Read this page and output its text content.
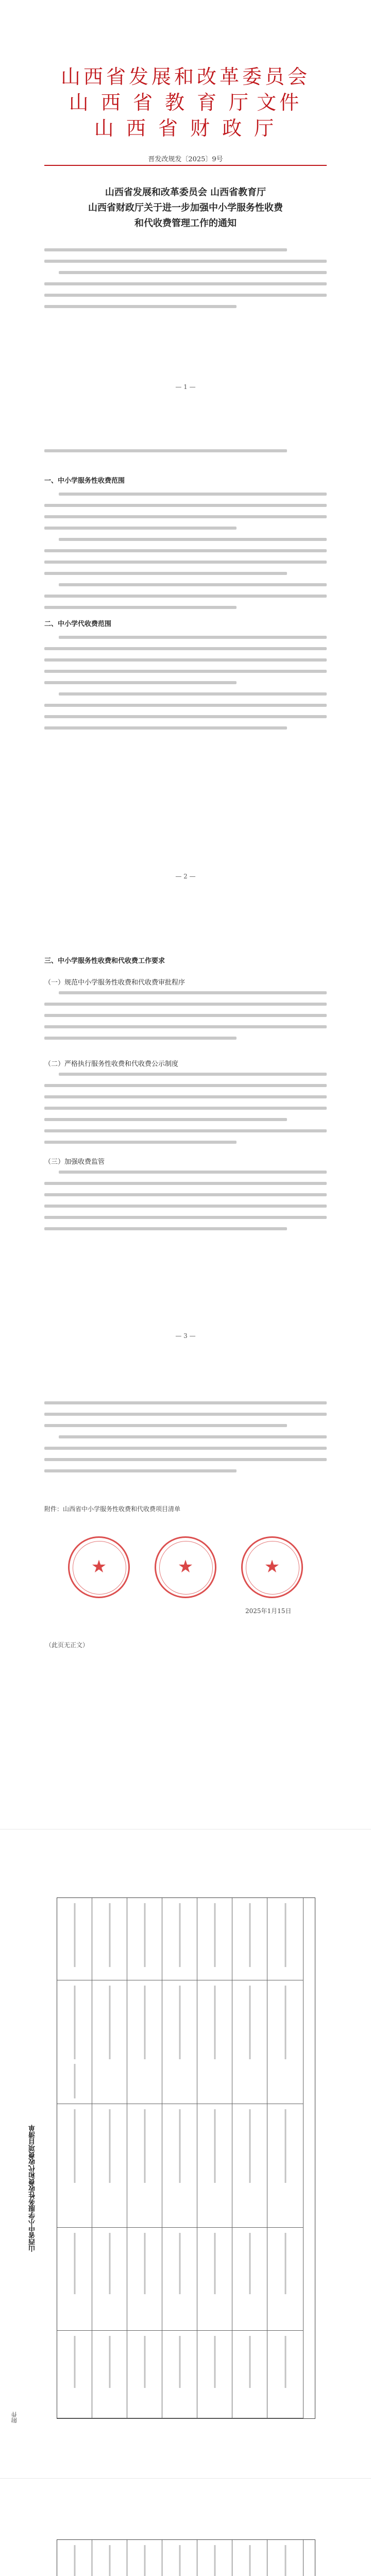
山西省发展和改革委员会
山 西 省 教 育 厅 文件
山 西 省 财 政 厅
晋发改规发〔2025〕9号
山西省发展和改革委员会 山西省教育厅
山西省财政厅关于进一步加强中小学服务性收费
和代收费管理工作的通知
— 1 —
一、中小学服务性收费范围
二、中小学代收费范围
— 2 —
三、中小学服务性收费和代收费工作要求
（一）规范中小学服务性收费和代收费审批程序
（二）严格执行服务性收费和代收费公示制度
（三）加强收费监管
— 3 —
附件：山西省中小学服务性收费和代收费项目清单
★
★
★
2025年1月15日
（此页无正文）
附件
山西省中小学服务性收费和代收费项目清单
